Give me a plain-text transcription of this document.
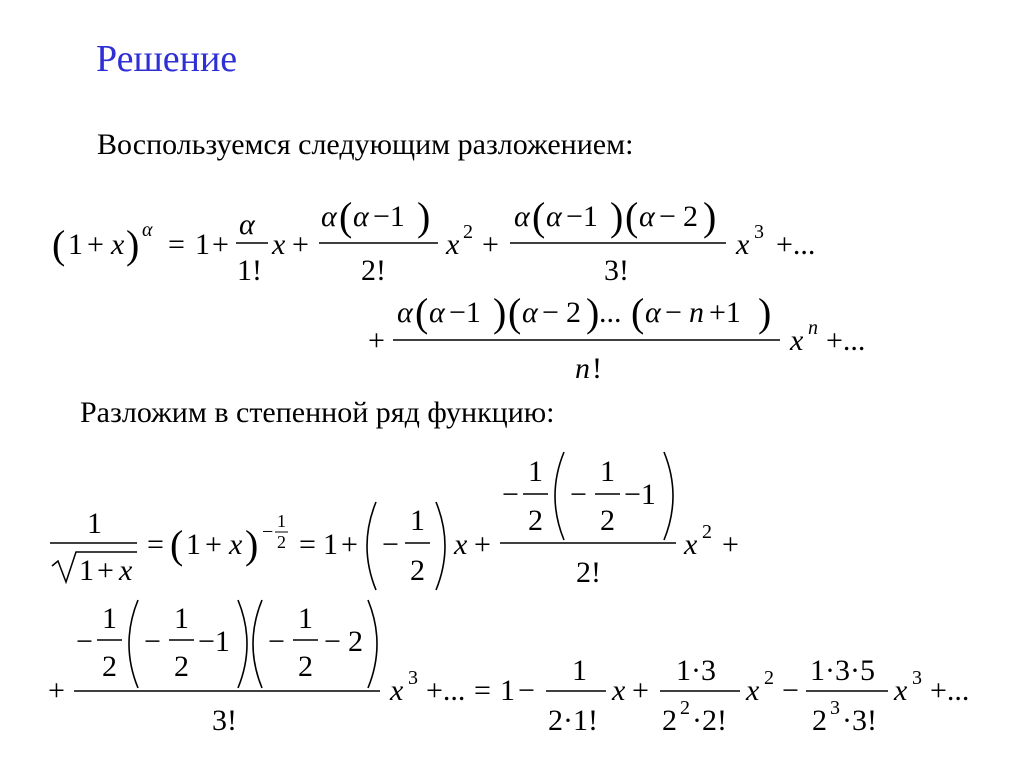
Решение
Воспользуемся следующим разложением:
Разложим в степенной ряд функцию:
( 1 + x ) α = 1 +
α
1!
x +
α ( α −1 )
2!
x 2 +
α ( α −1 ) ( α − 2 )
3!
x 3 +...
+
α ( α −1 ) ( α − 2 ) ... ( α − n +1 )
n !
x n +...
1
1 + x
= ( 1 + x ) − 1
2 = 1 + −
1
2
x +
−
1
2
−
1
2
−1
2!
x 2 +
+
−
1
2
−
1
2
−1 −
1
2
− 2
3!
x 3 +... = 1 −
1
2·1!
x +
1·3
2 2 ·2!
x 2 −
1·3·5
2 3 ·3!
x 3 +...
